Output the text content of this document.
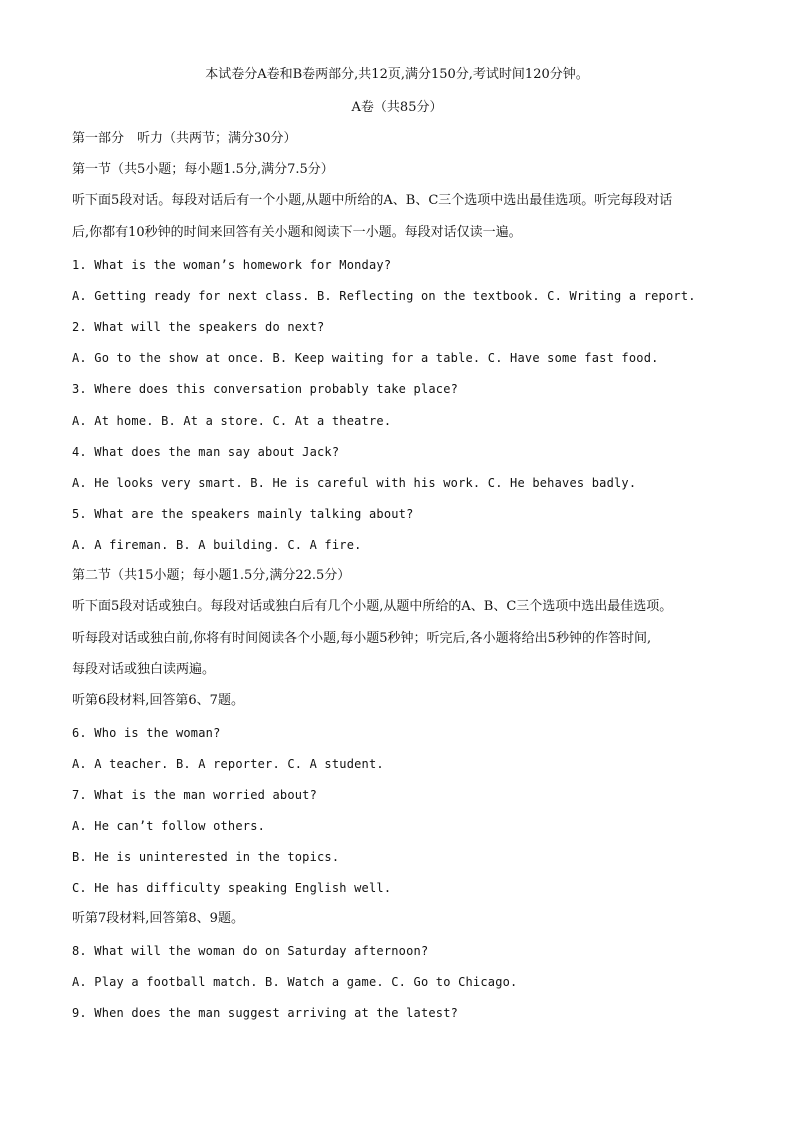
本试卷分A卷和B卷两部分,共12页,满分150分,考试时间120分钟。
A卷（共85分）
第一部分　听力（共两节；满分30分）
第一节（共5小题；每小题1.5分,满分7.5分）
听下面5段对话。每段对话后有一个小题,从题中所给的A、B、C三个选项中选出最佳选项。听完每段对话
后,你都有10秒钟的时间来回答有关小题和阅读下一小题。每段对话仅读一遍。
1. What is the woman’s homework for Monday?
A. Getting ready for next class. B. Reflecting on the textbook. C. Writing a report.
2. What will the speakers do next?
A. Go to the show at once. B. Keep waiting for a table. C. Have some fast food.
3. Where does this conversation probably take place?
A. At home. B. At a store. C. At a theatre.
4. What does the man say about Jack?
A. He looks very smart. B. He is careful with his work. C. He behaves badly.
5. What are the speakers mainly talking about?
A. A fireman. B. A building. C. A fire.
第二节（共15小题；每小题1.5分,满分22.5分）
听下面5段对话或独白。每段对话或独白后有几个小题,从题中所给的A、B、C三个选项中选出最佳选项。
听每段对话或独白前,你将有时间阅读各个小题,每小题5秒钟；听完后,各小题将给出5秒钟的作答时间,
每段对话或独白读两遍。
听第6段材料,回答第6、7题。
6. Who is the woman?
A. A teacher. B. A reporter. C. A student.
7. What is the man worried about?
A. He can’t follow others.
B. He is uninterested in the topics.
C. He has difficulty speaking English well.
听第7段材料,回答第8、9题。
8. What will the woman do on Saturday afternoon?
A. Play a football match. B. Watch a game. C. Go to Chicago.
9. When does the man suggest arriving at the latest?
